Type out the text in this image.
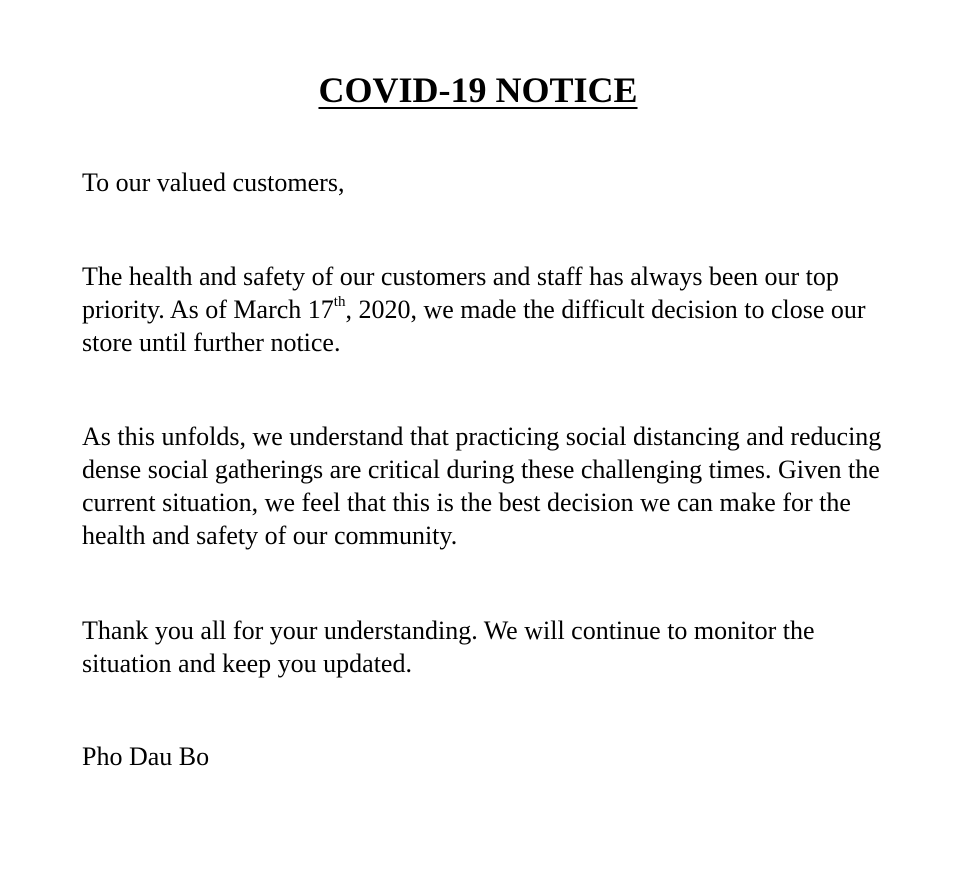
COVID-19 NOTICE

To our valued customers,

The health and safety of our customers and staff has always been our top priority. As of March 17th, 2020, we made the difficult decision to close our store until further notice.

As this unfolds, we understand that practicing social distancing and reducing dense social gatherings are critical during these challenging times. Given the current situation, we feel that this is the best decision we can make for the health and safety of our community.

Thank you all for your understanding. We will continue to monitor the situation and keep you updated.

Pho Dau Bo
